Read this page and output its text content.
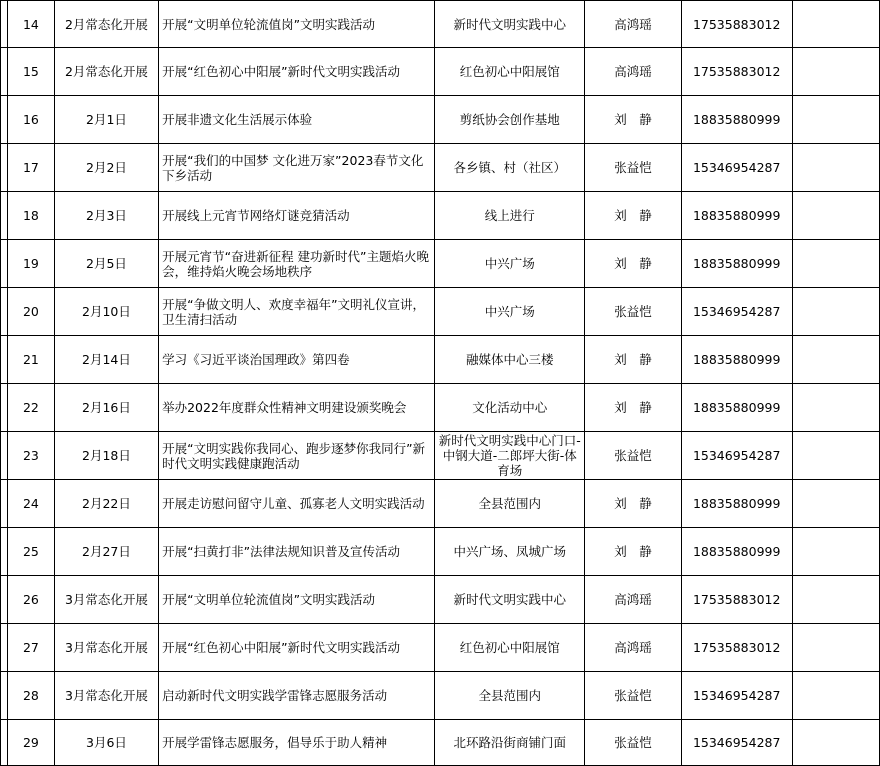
	14	2月常态化开展	开展“文明单位轮流值岗”文明实践活动	新时代文明实践中心	高鸿瑶	17535883012	
	15	2月常态化开展	开展“红色初心中阳展”新时代文明实践活动	红色初心中阳展馆	高鸿瑶	17535883012	
	16	2月1日	开展非遗文化生活展示体验	剪纸协会创作基地	刘　静	18835880999	
	17	2月2日	开展“我们的中国梦 文化进万家”2023春节文化下乡活动	各乡镇、村（社区）	张益恺	15346954287	
	18	2月3日	开展线上元宵节网络灯谜竞猜活动	线上进行	刘　静	18835880999	
	19	2月5日	开展元宵节“奋进新征程 建功新时代”主题焰火晚会，维持焰火晚会场地秩序	中兴广场	刘　静	18835880999	
	20	2月10日	开展“争做文明人、欢度幸福年”文明礼仪宣讲，卫生清扫活动	中兴广场	张益恺	15346954287	
	21	2月14日	学习《习近平谈治国理政》第四卷	融媒体中心三楼	刘　静	18835880999	
	22	2月16日	举办2022年度群众性精神文明建设颁奖晚会	文化活动中心	刘　静	18835880999	
	23	2月18日	开展“文明实践你我同心、跑步逐梦你我同行”新时代文明实践健康跑活动	新时代文明实践中心门口-中钢大道-二郎坪大街-体育场	张益恺	15346954287	
	24	2月22日	开展走访慰问留守儿童、孤寡老人文明实践活动	全县范围内	刘　静	18835880999	
	25	2月27日	开展“扫黄打非”法律法规知识普及宣传活动	中兴广场、凤城广场	刘　静	18835880999	
	26	3月常态化开展	开展“文明单位轮流值岗”文明实践活动	新时代文明实践中心	高鸿瑶	17535883012	
	27	3月常态化开展	开展“红色初心中阳展”新时代文明实践活动	红色初心中阳展馆	高鸿瑶	17535883012	
	28	3月常态化开展	启动新时代文明实践学雷锋志愿服务活动	全县范围内	张益恺	15346954287	
	29	3月6日	开展学雷锋志愿服务，倡导乐于助人精神	北环路沿街商铺门面	张益恺	15346954287	
